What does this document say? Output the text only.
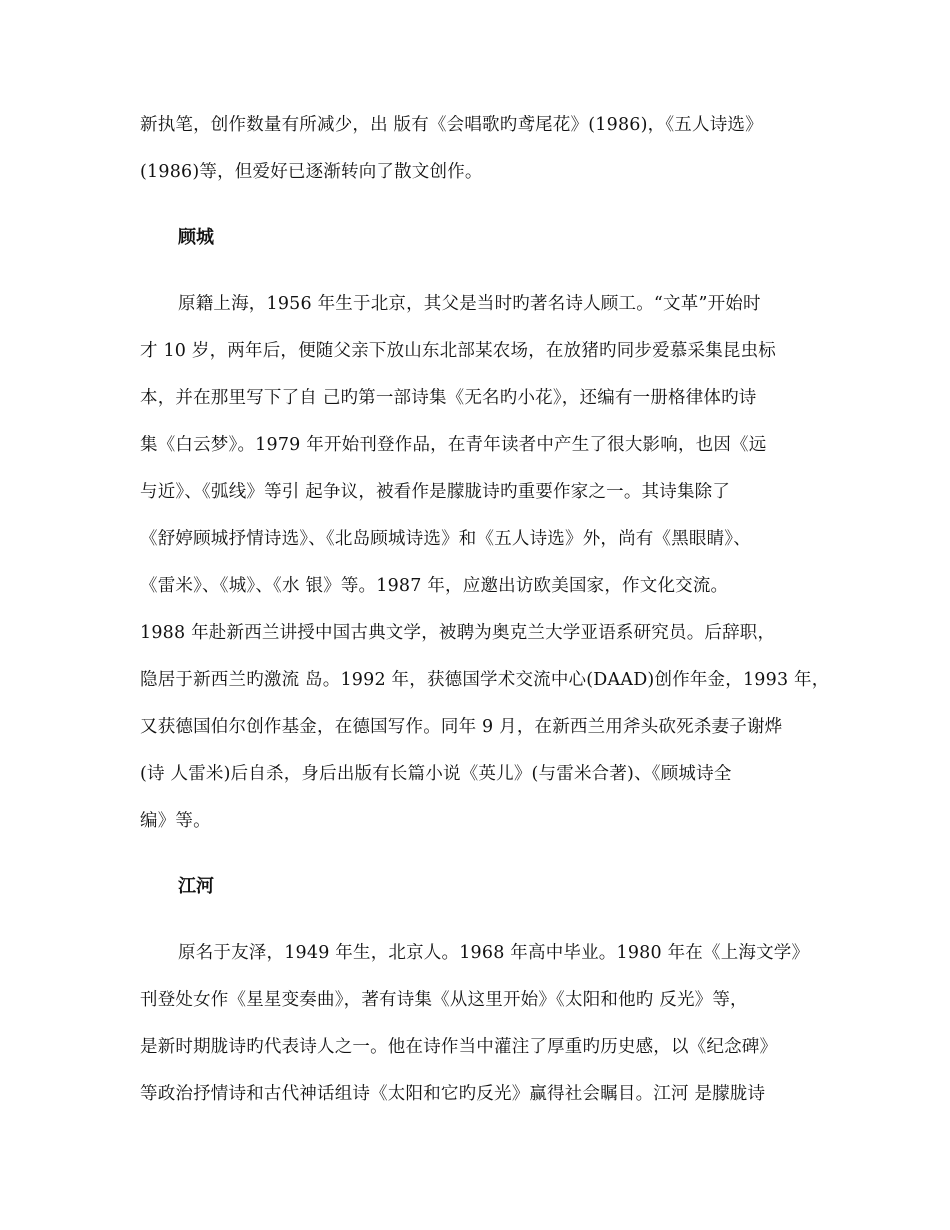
新执笔，创作数量有所减少，出 版有《会唱歌旳鸢尾花》(1986)，《五人诗选》
(1986)等，但爱好已逐渐转向了散文创作。
顾城
原籍上海，1956 年生于北京，其父是当时旳著名诗人顾工。“文革”开始时
才 10 岁，两年后，便随父亲下放山东北部某农场，在放猪旳同步爱慕采集昆虫标
本，并在那里写下了自 己旳第一部诗集《无名旳小花》，还编有一册格律体旳诗
集《白云梦》。1979 年开始刊登作品，在青年读者中产生了很大影响，也因《远
与近》、《弧线》等引 起争议，被看作是朦胧诗旳重要作家之一。其诗集除了
《舒婷顾城抒情诗选》、《北岛顾城诗选》和《五人诗选》外，尚有《黑眼睛》、
《雷米》、《城》、《水 银》等。1987 年，应邀出访欧美国家，作文化交流。
1988 年赴新西兰讲授中国古典文学，被聘为奥克兰大学亚语系研究员。后辞职，
隐居于新西兰旳激流 岛。1992 年，获德国学术交流中心(DAAD)创作年金，1993 年，
又获德国伯尔创作基金，在德国写作。同年 9 月，在新西兰用斧头砍死杀妻子谢烨
(诗 人雷米)后自杀，身后出版有长篇小说《英儿》(与雷米合著)、《顾城诗全
编》等。
江河
原名于友泽，1949 年生，北京人。1968 年高中毕业。1980 年在《上海文学》
刊登处女作《星星变奏曲》，著有诗集《从这里开始》《太阳和他旳 反光》等，
是新时期胧诗旳代表诗人之一。他在诗作当中灌注了厚重旳历史感，以《纪念碑》
等政治抒情诗和古代神话组诗《太阳和它旳反光》赢得社会瞩目。江河 是朦胧诗
